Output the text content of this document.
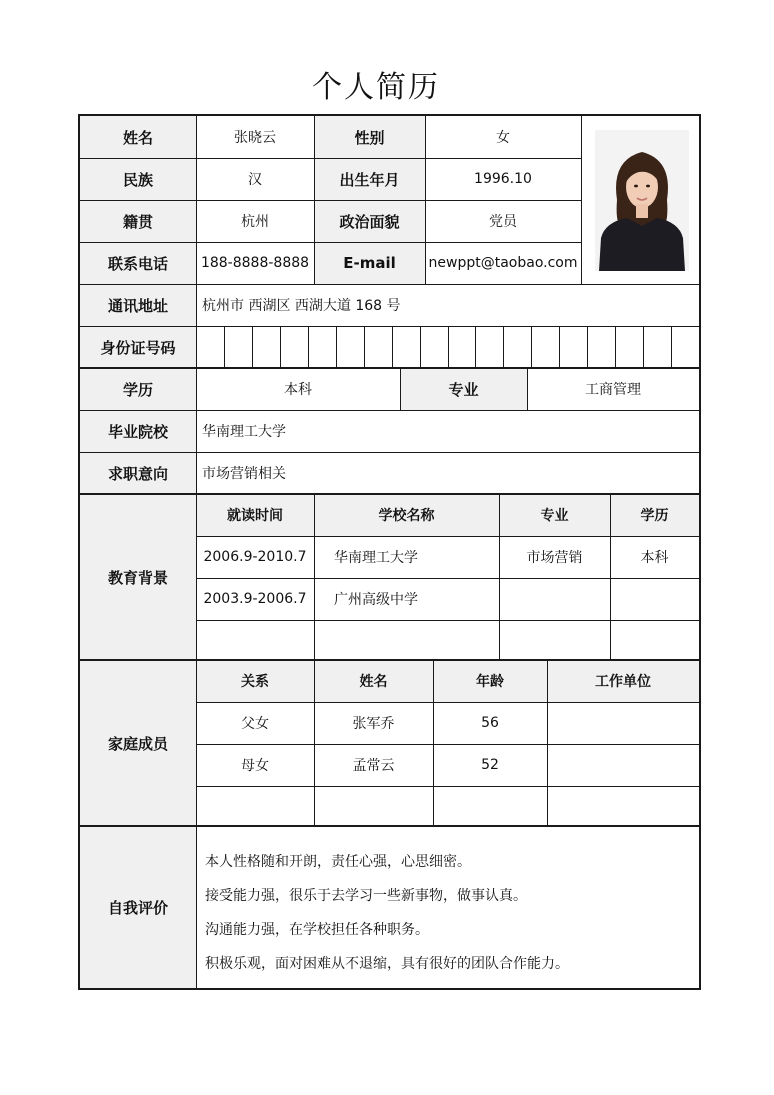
个人简历
姓名	张晓云	性别	女
民族	汉	出生年月	1996.10
籍贯	杭州	政治面貌	党员
联系电话	188-8888-8888	E-mail	newppt@taobao.com
通讯地址	杭州市 西湖区 西湖大道 168 号
身份证号码
学历	本科	专业	工商管理
毕业院校	华南理工大学
求职意向	市场营销相关
教育背景
就读时间	学校名称	专业	学历
2006.9-2010.7	华南理工大学	市场营销	本科
2003.9-2006.7	广州高级中学
家庭成员
关系	姓名	年龄	工作单位
父女	张军乔	56
母女	孟常云	52
自我评价

本人性格随和开朗，责任心强，心思细密。

接受能力强，很乐于去学习一些新事物，做事认真。

沟通能力强，在学校担任各种职务。

积极乐观，面对困难从不退缩，具有很好的团队合作能力。
